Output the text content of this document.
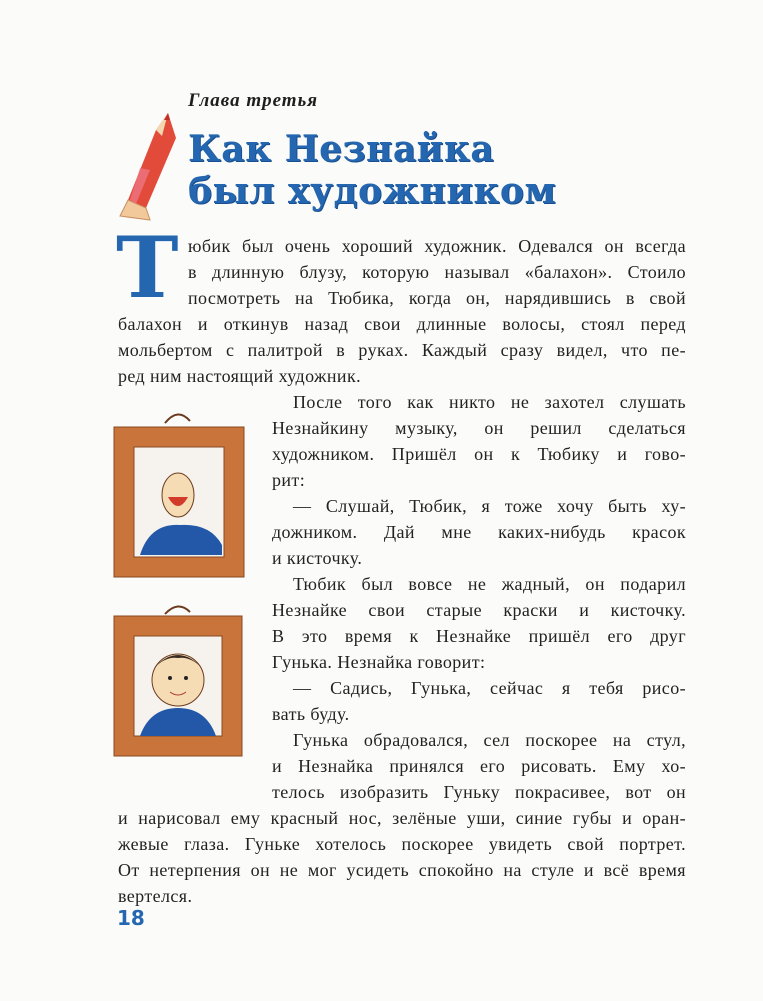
Глава третья
Как Незнайка
был художником
Т юбик был очень хороший художник. Одевался он всегда
в длинную блузу, которую называл «балахон». Стоило
посмотреть на Тюбика, когда он, нарядившись в свой
балахон и откинув назад свои длинные волосы, стоял перед
мольбертом с палитрой в руках. Каждый сразу видел, что пе-
ред ним настоящий художник.
После того как никто не захотел слушать
Незнайкину музыку, он решил сделаться
художником. Пришёл он к Тюбику и гово-
рит:
— Слушай, Тюбик, я тоже хочу быть ху-
дожником. Дай мне каких-нибудь красок
и кисточку.
Тюбик был вовсе не жадный, он подарил
Незнайке свои старые краски и кисточку.
В это время к Незнайке пришёл его друг
Гунька. Незнайка говорит:
— Садись, Гунька, сейчас я тебя рисо-
вать буду.
Гунька обрадовался, сел поскорее на стул,
и Незнайка принялся его рисовать. Ему хо-
телось изобразить Гуньку покрасивее, вот он
и нарисовал ему красный нос, зелёные уши, синие губы и оран-
жевые глаза. Гуньке хотелось поскорее увидеть свой портрет.
От нетерпения он не мог усидеть спокойно на стуле и всё время
вертелся.
18
